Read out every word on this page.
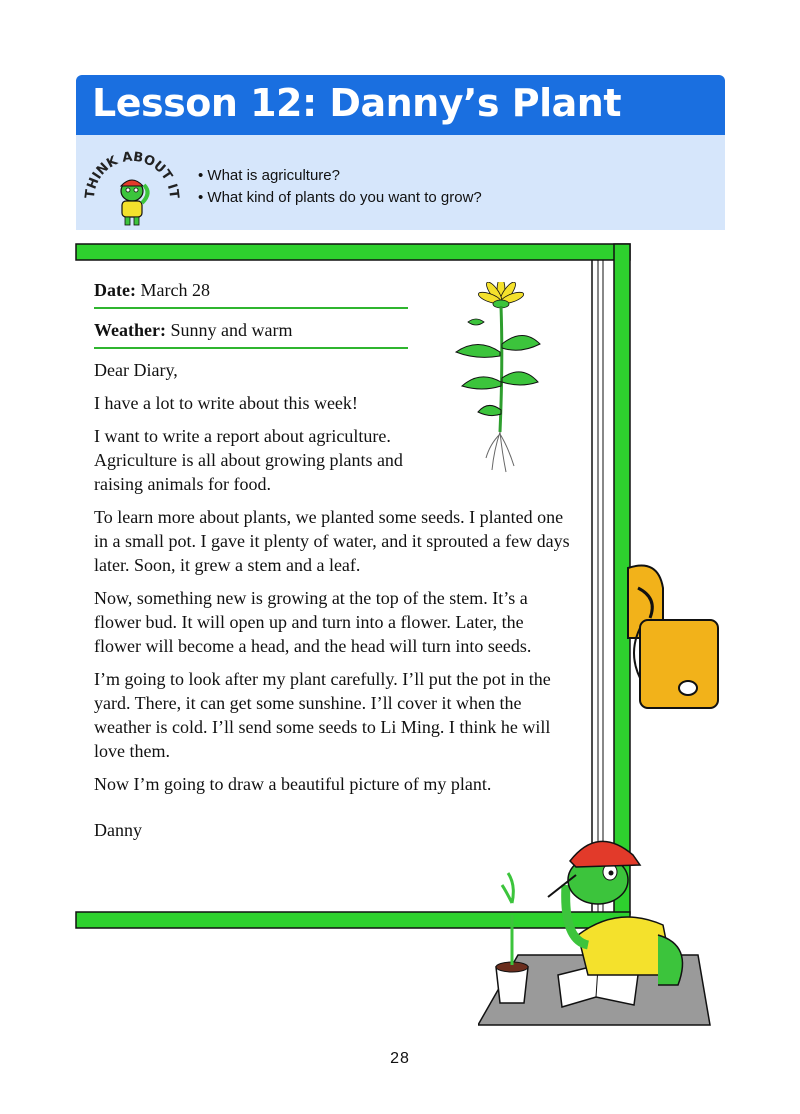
Lesson 12: Danny’s Plant
THINK ABOUT IT
• What is agriculture?
• What kind of plants do you want to grow?
Date: March 28
Weather: Sunny and warm

Dear Diary,

I have a lot to write about this week!

I want to write a report about agriculture. Agriculture is all about growing plants and raising animals for food.

To learn more about plants, we planted some seeds. I planted one in a small pot. I gave it plenty of water, and it sprouted a few days later. Soon, it grew a stem and a leaf.

Now, something new is growing at the top of the stem. It’s a flower bud. It will open up and turn into a flower. Later, the flower will become a head, and the head will turn into seeds.

I’m going to look after my plant carefully. I’ll put the pot in the yard. There, it can get some sunshine. I’ll cover it when the weather is cold. I’ll send some seeds to Li Ming. I think he will love them.

Now I’m going to draw a beautiful picture of my plant.

Danny

28
